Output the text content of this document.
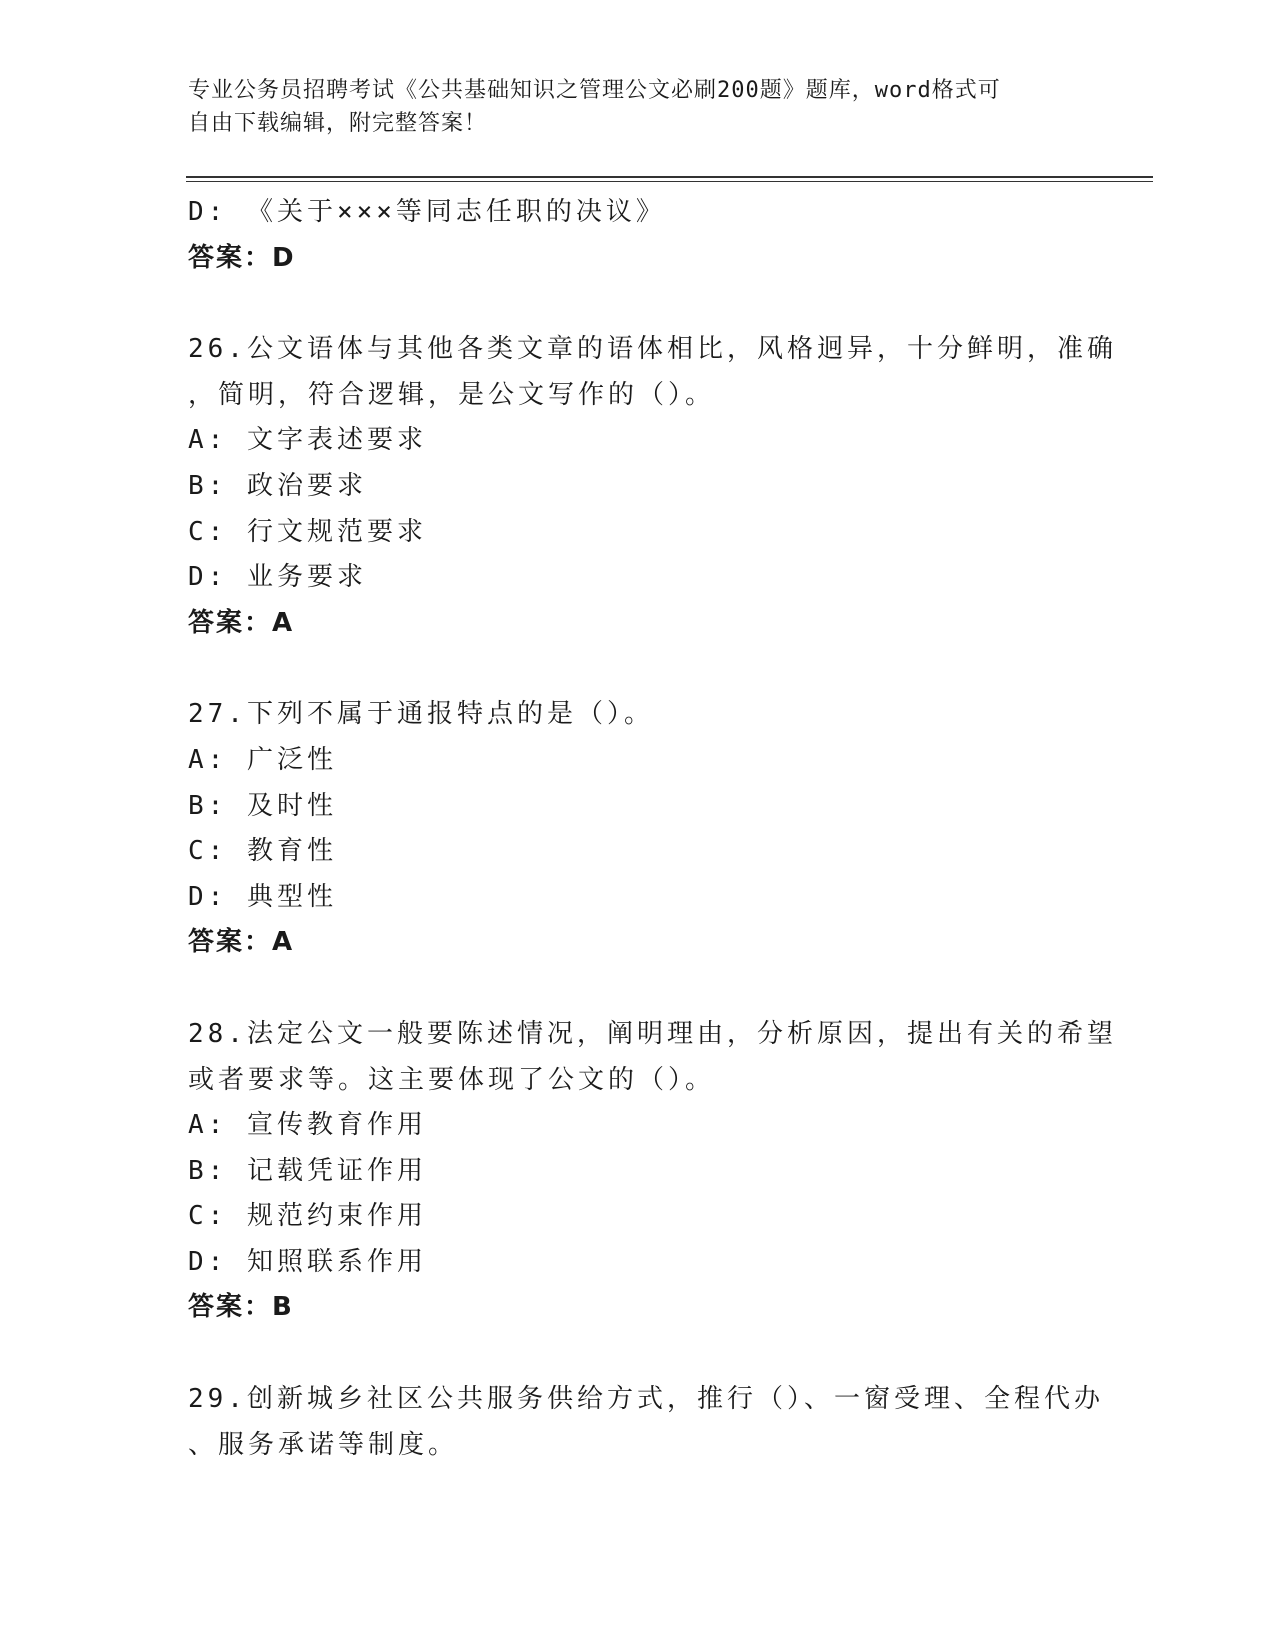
专业公务员招聘考试《公共基础知识之管理公文必刷200题》题库，word格式可
自由下载编辑，附完整答案！
D: 《关于×××等同志任职的决议》
答案：D
26.公文语体与其他各类文章的语体相比，风格迥异，十分鲜明，准确
，简明，符合逻辑，是公文写作的（）。
A: 文字表述要求
B: 政治要求
C: 行文规范要求
D: 业务要求
答案：A
27.下列不属于通报特点的是（）。
A: 广泛性
B: 及时性
C: 教育性
D: 典型性
答案：A
28.法定公文一般要陈述情况，阐明理由，分析原因，提出有关的希望
或者要求等。这主要体现了公文的（）。
A: 宣传教育作用
B: 记载凭证作用
C: 规范约束作用
D: 知照联系作用
答案：B
29.创新城乡社区公共服务供给方式，推行（）、一窗受理、全程代办
、服务承诺等制度。
